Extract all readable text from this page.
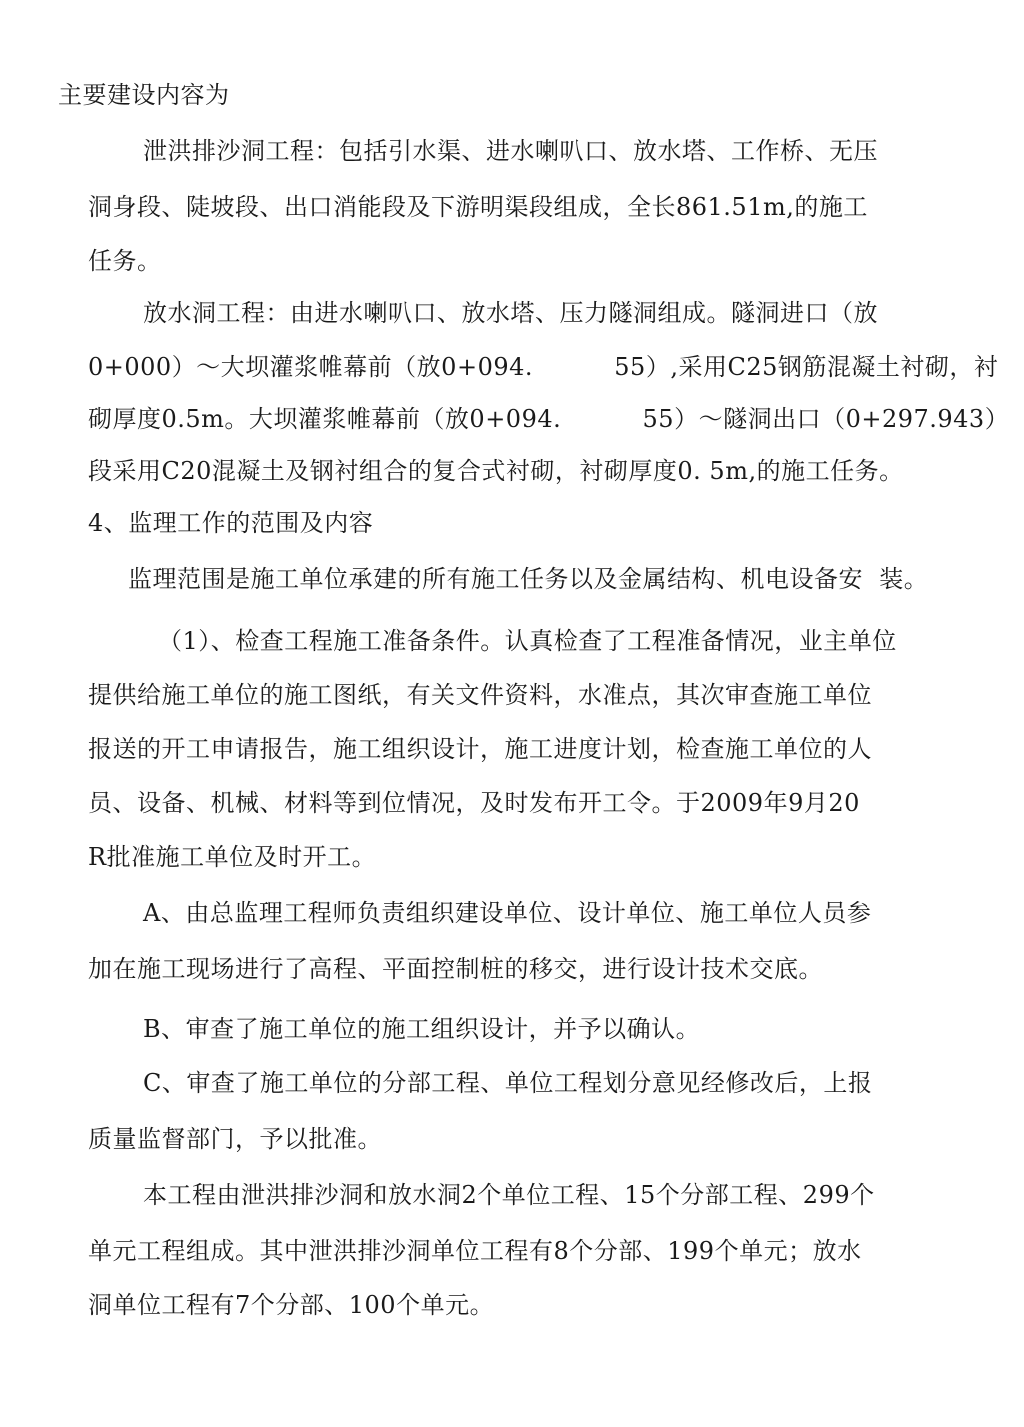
主要建设内容为
泄洪排沙洞工程：包括引水渠、进水喇叭口、放水塔、工作桥、无压
洞身段、陡坡段、出口消能段及下游明渠段组成，全长861.51m,的施工
任务。
放水洞工程：由进水喇叭口、放水塔、压力隧洞组成。隧洞进口（放
0+000）～大坝灌浆帷幕前（放0+094.          55）,采用C25钢筋混凝土衬砌，衬
砌厚度0.5m。大坝灌浆帷幕前（放0+094.          55）～隧洞出口（0+297.943）
段采用C20混凝土及钢衬组合的复合式衬砌，衬砌厚度0. 5m,的施工任务。
4、监理工作的范围及内容
监理范围是施工单位承建的所有施工任务以及金属结构、机电设备安  装。
（1）、检查工程施工准备条件。认真检查了工程准备情况，业主单位
提供给施工单位的施工图纸，有关文件资料，水准点，其次审查施工单位
报送的开工申请报告，施工组织设计，施工进度计划，检查施工单位的人
员、设备、机械、材料等到位情况，及时发布开工令。于2009年9月20
R批准施工单位及时开工。
A、由总监理工程师负责组织建设单位、设计单位、施工单位人员参
加在施工现场进行了高程、平面控制桩的移交，进行设计技术交底。
B、审查了施工单位的施工组织设计，并予以确认。
C、审查了施工单位的分部工程、单位工程划分意见经修改后，上报
质量监督部门，予以批准。
本工程由泄洪排沙洞和放水洞2个单位工程、15个分部工程、299个
单元工程组成。其中泄洪排沙洞单位工程有8个分部、199个单元；放水
洞单位工程有7个分部、100个单元。
